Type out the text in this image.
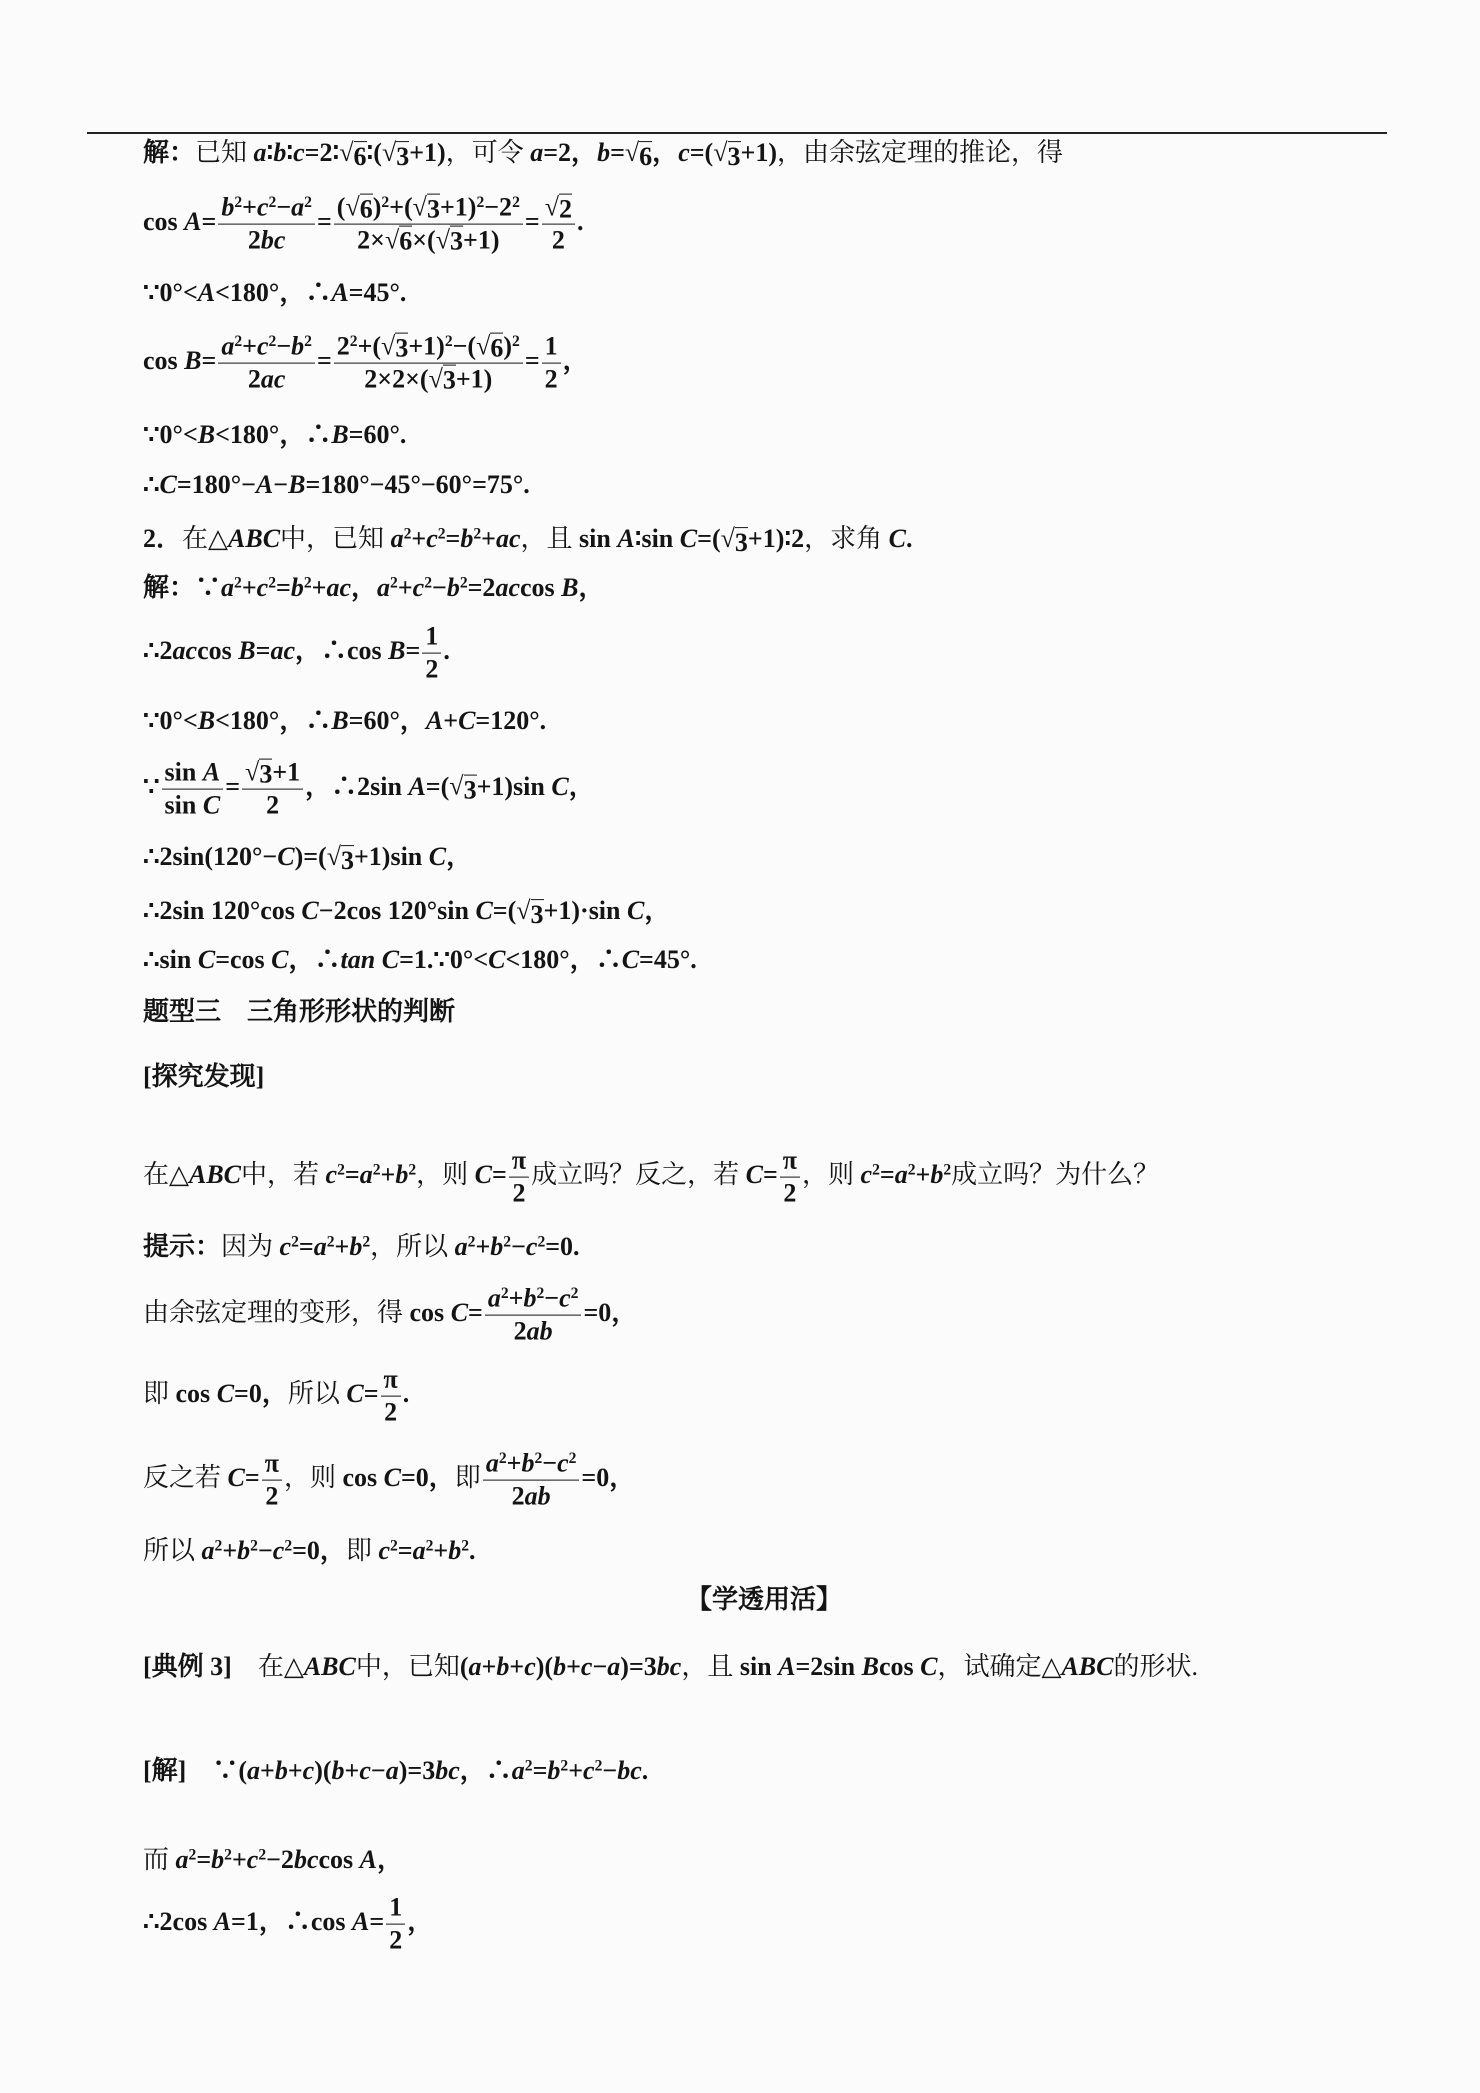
解：已知 a∶b∶c=2∶ √ 6 ∶( √ 3 +1)，可令 a=2，b= √ 6 ，c=( √ 3 +1)，由余弦定理的推论，得
$\cos A= \frac{b^2+c^2-a^2}{2bc} = \frac{( √ 6 )^2+( √ 3 +1)^2-2^2}{2\times √ 6 \times( √ 3 +1)} = \frac{√ 2}{2}$ .
∵0°<A<180°，∴A=45°.
$\cos B= \frac{a^2+c^2-b^2}{2ac} = \frac{2^2+( √ 3 +1)^2-( √ 6 )^2}{2\times 2\times( √ 3 +1)} = \frac{1}{2}$ ，
∵0°<B<180°，∴B=60°.
∴C=180°−A−B=180°−45°−60°=75°.
2．在△ABC中，已知 $a^2+c^2=b^2+ac$，且 sin A∶sin C=( √ 3 +1)∶2，求角 C.
解：$\because a^2+c^2=b^2+ac$，$a^2+c^2-b^2=2accos$ B，
∴2accos B=ac，∴cos $B= \frac{1}{2}$ .
∵0°<B<180°，∴B=60°，A+C=120°.
∵ $\frac{\text{sin A}}{\text{sin C}} = \frac{√ 3 +1}{2}$ ，∴2sin A=( √ 3 +1)sin C，
∴2sin(120°−C)=( √ 3 +1)sin C，
∴2sin 120°cos C−2cos 120°sin C=( √ 3 +1)·sin C，
∴sin C=cos C，∴tan C=1.∵0°<C<180°，∴C=45°.
题型三　三角形形状的判断
[探究发现]
在△ABC中，若 $c^2=a^2+b^2$，则 $C= \frac{\pi}{2}$ 成立吗？反之，若 $C= \frac{\pi}{2}$ ，则 $c^2=a^2+b^2$成立吗？为什么？
提示：因为 $c^2=a^2+b^2$，所以 $a^2+b^2-c^2=0$.
由余弦定理的变形，得 $\cos C= \frac{a^2+b^2-c^2}{2ab} =0$，
即 cos C=0，所以 $C= \frac{\pi}{2}$ .
反之若 $C= \frac{\pi}{2}$ ，则 cos C=0，即 $\frac{a^2+b^2-c^2}{2ab} =0$，
所以 $a^2+b^2-c^2=0$，即 $c^2=a^2+b^2$.
【学透用活】
[典例 3]　在△ABC中，已知(a+b+c)(b+c−a)=3bc，且 sin A=2sin Bcos C，试确定△ABC的形状.
[解]　∵(a+b+c)(b+c−a)=3bc，$\therefore a^2=b^2+c^2-bc$.
而 $a^2=b^2+c^2-2bccos$ A，
∴2cos A=1，∴cos $A= \frac{1}{2}$ ，
